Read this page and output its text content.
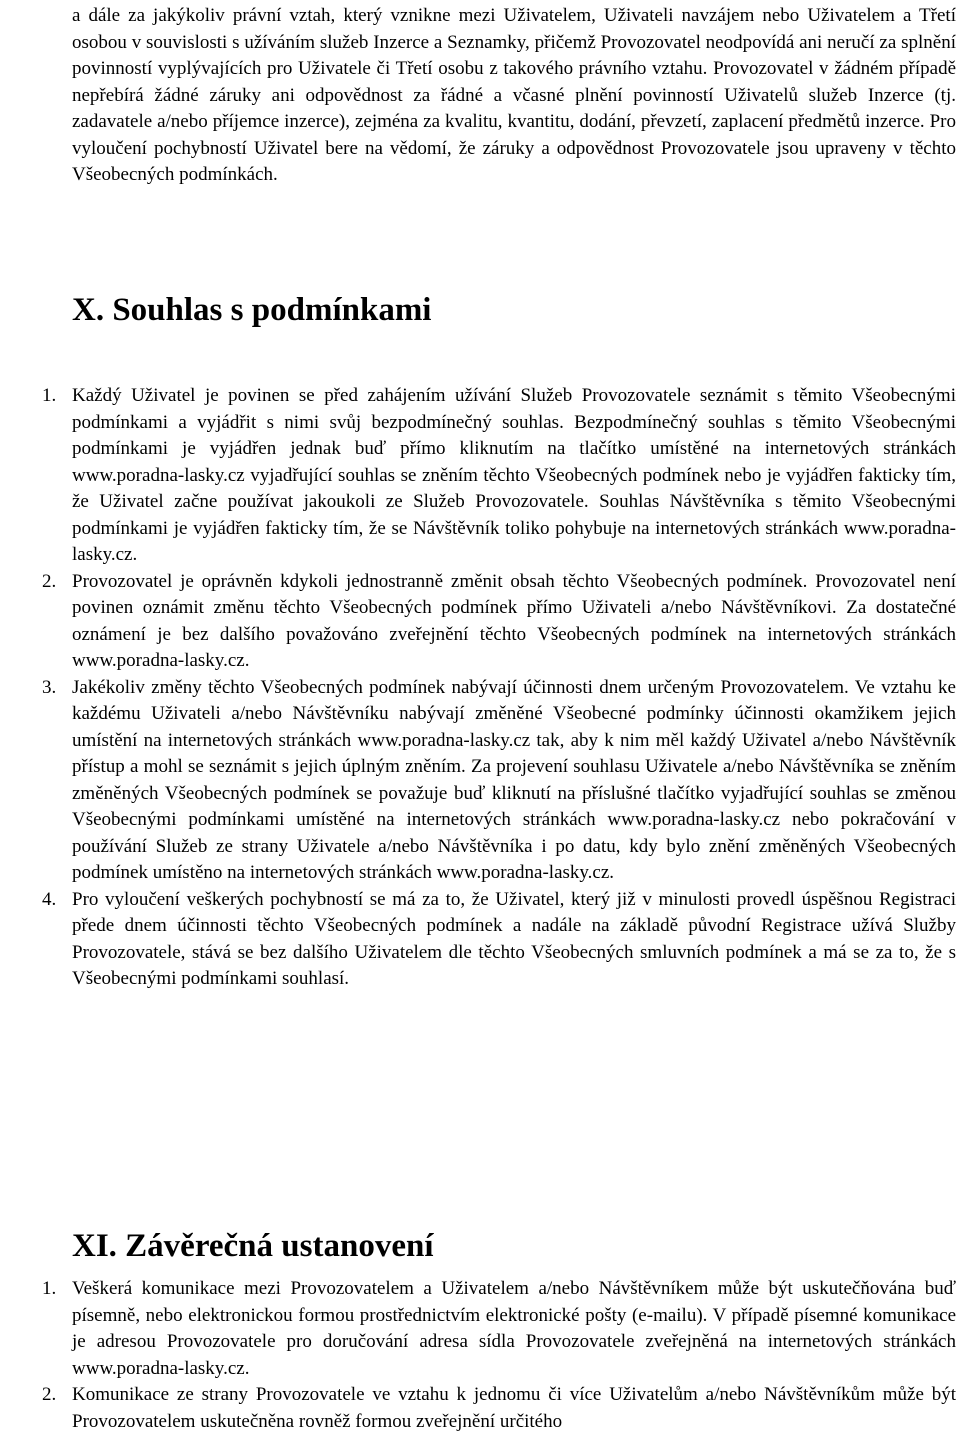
a dále za jakýkoliv právní vztah, který vznikne mezi Uživatelem, Uživateli navzájem nebo Uživatelem a Třetí osobou v souvislosti s užíváním služeb Inzerce a Seznamky, přičemž Provozovatel neodpovídá ani neručí za splnění povinností vyplývajících pro Uživatele či Třetí osobu z takového právního vztahu. Provozovatel v žádném případě nepřebírá žádné záruky ani odpovědnost za řádné a včasné plnění povinností Uživatelů služeb Inzerce (tj. zadavatele a/nebo příjemce inzerce), zejména za kvalitu, kvantitu, dodání, převzetí, zaplacení předmětů inzerce. Pro vyloučení pochybností Uživatel bere na vědomí, že záruky a odpovědnost Provozovatele jsou upraveny v těchto Všeobecných podmínkách.

X. Souhlas s podmínkami
1. Každý Uživatel je povinen se před zahájením užívání Služeb Provozovatele seznámit s těmito Všeobecnými podmínkami a vyjádřit s nimi svůj bezpodmínečný souhlas. Bezpodmínečný souhlas s těmito Všeobecnými podmínkami je vyjádřen jednak buď přímo kliknutím na tlačítko umístěné na internetových stránkách www.poradna-lasky.cz vyjadřující souhlas se zněním těchto Všeobecných podmínek nebo je vyjádřen fakticky tím, že Uživatel začne používat jakoukoli ze Služeb Provozovatele. Souhlas Návštěvníka s těmito Všeobecnými podmínkami je vyjádřen fakticky tím, že se Návštěvník toliko pohybuje na internetových stránkách www.poradna-lasky.cz.
2. Provozovatel je oprávněn kdykoli jednostranně změnit obsah těchto Všeobecných podmínek. Provozovatel není povinen oznámit změnu těchto Všeobecných podmínek přímo Uživateli a/nebo Návštěvníkovi. Za dostatečné oznámení je bez dalšího považováno zveřejnění těchto Všeobecných podmínek na internetových stránkách www.poradna-lasky.cz.
3. Jakékoliv změny těchto Všeobecných podmínek nabývají účinnosti dnem určeným Provozovatelem. Ve vztahu ke každému Uživateli a/nebo Návštěvníku nabývají změněné Všeobecné podmínky účinnosti okamžikem jejich umístění na internetových stránkách www.poradna-lasky.cz tak, aby k nim měl každý Uživatel a/nebo Návštěvník přístup a mohl se seznámit s jejich úplným zněním. Za projevení souhlasu Uživatele a/nebo Návštěvníka se zněním změněných Všeobecných podmínek se považuje buď kliknutí na příslušné tlačítko vyjadřující souhlas se změnou Všeobecnými podmínkami umístěné na internetových stránkách www.poradna-lasky.cz nebo pokračování v používání Služeb ze strany Uživatele a/nebo Návštěvníka i po datu, kdy bylo znění změněných Všeobecných podmínek umístěno na internetových stránkách www.poradna-lasky.cz.
4. Pro vyloučení veškerých pochybností se má za to, že Uživatel, který již v minulosti provedl úspěšnou Registraci přede dnem účinnosti těchto Všeobecných podmínek a nadále na základě původní Registrace užívá Služby Provozovatele, stává se bez dalšího Uživatelem dle těchto Všeobecných smluvních podmínek a má se za to, že s Všeobecnými podmínkami souhlasí.
XI. Závěrečná ustanovení
1. Veškerá komunikace mezi Provozovatelem a Uživatelem a/nebo Návštěvníkem může být uskutečňována buď písemně, nebo elektronickou formou prostřednictvím elektronické pošty (e-mailu). V případě písemné komunikace je adresou Provozovatele pro doručování adresa sídla Provozovatele zveřejněná na internetových stránkách www.poradna-lasky.cz.
2. Komunikace ze strany Provozovatele ve vztahu k jednomu či více Uživatelům a/nebo Návštěvníkům může být Provozovatelem uskutečněna rovněž formou zveřejnění určitého
